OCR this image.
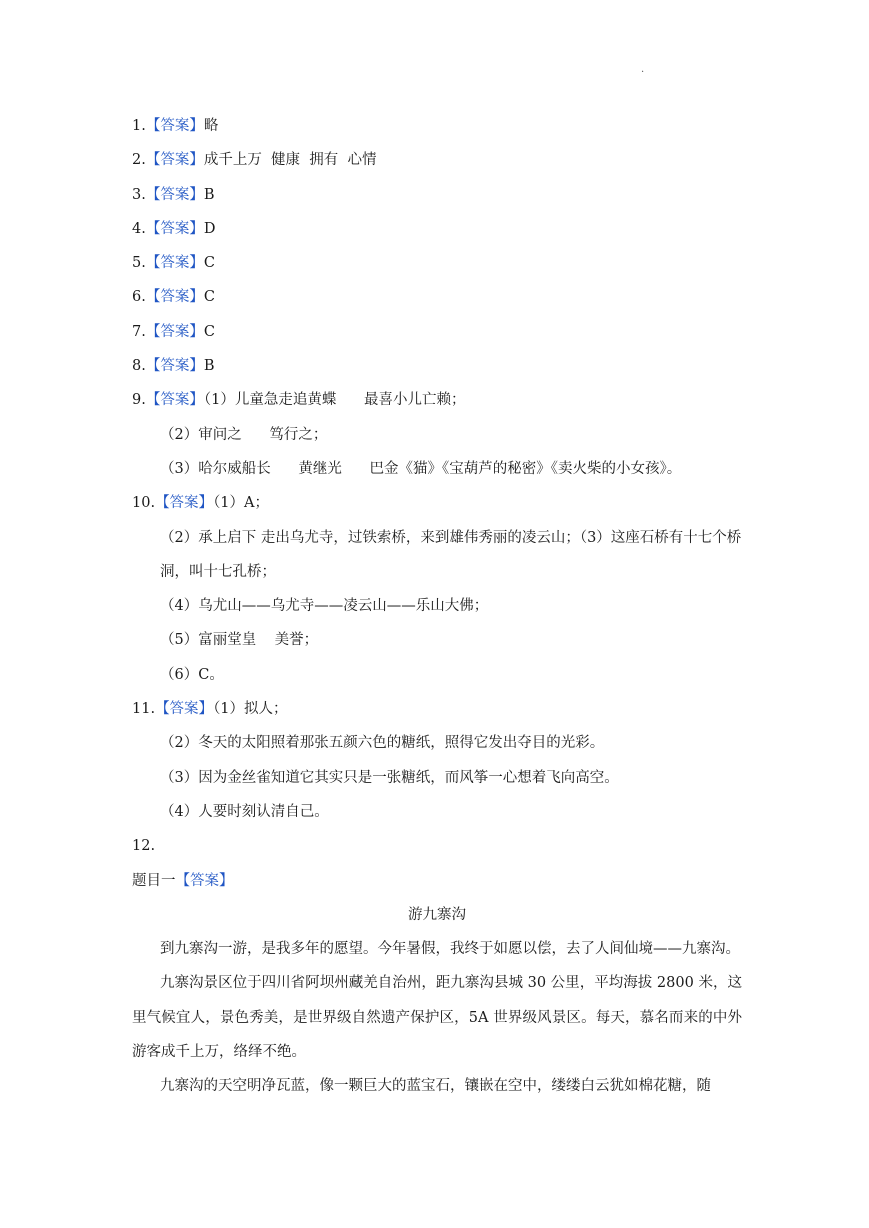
.
1.【答案】略
2.【答案】成千上万  健康  拥有  心情
3.【答案】B
4.【答案】D
5.【答案】C
6.【答案】C
7.【答案】C
8.【答案】B
9.【答案】（1）儿童急走追黄蝶      最喜小儿亡赖；
（2）审问之      笃行之；
（3）哈尔威船长      黄继光      巴金《猫》《宝葫芦的秘密》《卖火柴的小女孩》。
10.【答案】（1）A；
（2）承上启下 走出乌尤寺，过铁索桥，来到雄伟秀丽的凌云山；（3）这座石桥有十七个桥洞，叫十七孔桥；
（4）乌尤山——乌尤寺——凌云山——乐山大佛；
（5）富丽堂皇    美誉；
（6）C。
11.【答案】（1）拟人；
（2）冬天的太阳照着那张五颜六色的糖纸，照得它发出夺目的光彩。
（3）因为金丝雀知道它其实只是一张糖纸，而风筝一心想着飞向高空。
（4）人要时刻认清自己。
12.
题目一【答案】
游九寨沟
到九寨沟一游，是我多年的愿望。今年暑假，我终于如愿以偿，去了人间仙境——九寨沟。
九寨沟景区位于四川省阿坝州藏羌自治州，距九寨沟县城 30 公里，平均海拔 2800 米，这里气候宜人，景色秀美，是世界级自然遗产保护区，5A 世界级风景区。每天，慕名而来的中外游客成千上万，络绎不绝。
九寨沟的天空明净瓦蓝，像一颗巨大的蓝宝石，镶嵌在空中，缕缕白云犹如棉花糖，随
